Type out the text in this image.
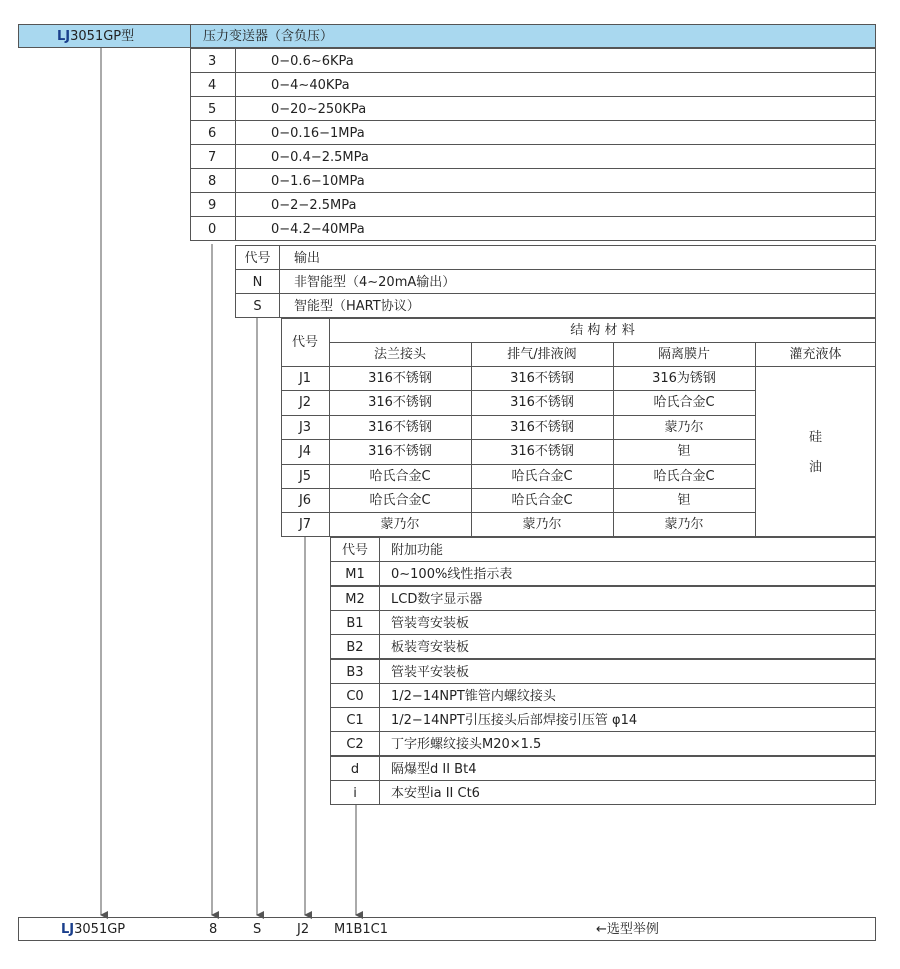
LJ3051GP型	压力变送器（含负压）
3	0−0.6∼6KPa
4	0−4∼40KPa
5	0−20∼250KPa
6	0−0.16−1MPa
7	0−0.4−2.5MPa
8	0−1.6−10MPa
9	0−2−2.5MPa
0	0−4.2−40MPa
代号	输出
N	非智能型（4∼20mA输出）
S	智能型（HART协议）
代号
结 构 材 料
法兰接头	排气/排液阀	隔离膜片	灌充液体
J1	316不锈钢	316不锈钢	316为锈钢
J2	316不锈钢	316不锈钢	哈氏合金C
J3	316不锈钢	316不锈钢	蒙乃尔
J4	316不锈钢	316不锈钢	钽
J5	哈氏合金C	哈氏合金C	哈氏合金C
J6	哈氏合金C	哈氏合金C	钽
J7	蒙乃尔	蒙乃尔	蒙乃尔
硅
油
代号	附加功能
M1	0∼100%线性指示表
M2	LCD数字显示器
B1	管装弯安装板
B2	板装弯安装板
B3	管装平安装板
C0	1/2−14NPT锥管内螺纹接头
C1	1/2−14NPT引压接头后部焊接引压管 φ14
C2	丁字形螺纹接头M20×1.5
d	隔爆型d II Bt4
i	本安型ia II Ct6
LJ3051GP	8	S	J2 M1B1C1	←选型举例
